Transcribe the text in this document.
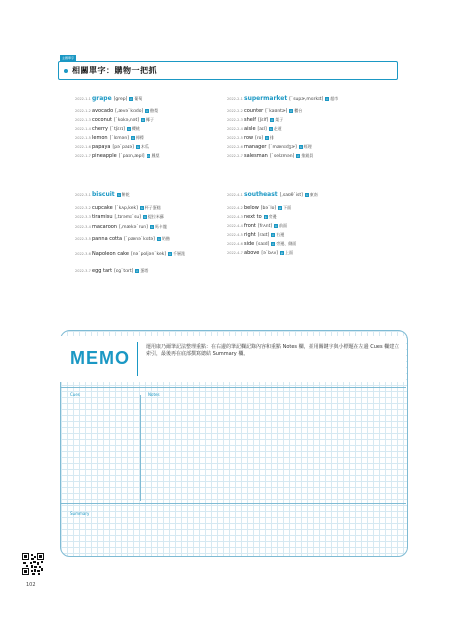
主題單字
相關單字：購物一把抓
2022-1-1grape [grep] n 葡萄
2022-1-2avocado [,ævə`kɑdo] n 酪梨
2022-1-3coconut [`kokə,nət] n 椰子
2022-1-4cherry [`tʃɛrɪ] n 櫻桃
2022-1-5lemon [`lɛmən] n 檸檬
2022-1-6papaya [pə`pаɪə] n 木瓜
2022-1-7pineapple [`paɪn,æpl] n 鳳梨
2022-2-1supermarket [`supɚ,mɑrkɪt] n 超市
2022-2-2counter [`kaʊntɚ] n 櫃台
2022-2-3shelf [ʃɛlf] n 架子
2022-2-4aisle [aɪl] n 走道
2022-2-5row [ro] n 排
2022-2-6manager [`mænɪdʒɚ] n 經理
2022-2-7salesman [`selzmən] n 推銷員
2022-3-1biscuit n 餅乾
2022-3-2cupcake [`kʌp,kek] n 杯子蛋糕
2022-3-3tiramisu [,tɪrəmɪ`su] n 提拉米蘇
2022-3-4macaroon [,mækə`run] n 馬卡龍
2022-3-5panna cotta [`pænə`kɑtə] n 奶酪
2022-3-6Napoleon cake [nə`poljən`kek] n 千層派
2022-3-7egg tart [ɛg`tɑrt] n 蛋塔
2022-4-1southeast [,saʊθ`ist] n 東南
2022-4-2below [bə`lo] p 下面
2022-4-3next to p 旁邊
2022-4-4front [frʌnt] n 前面
2022-4-5right [raɪt] n 右邊
2022-4-6side [saɪd] n 旁邊、側面
2022-4-7above [ə`bʌv] p 上面
MEMO
運用康乃爾筆記法整理重點：在右邊的筆記欄記錄內容和重點 Notes 欄，並用關鍵字與小標題在左邊 Cues 欄建立索引，最後再在底部撰寫總結 Summary 欄。
Cues	Notes
Summary
102
